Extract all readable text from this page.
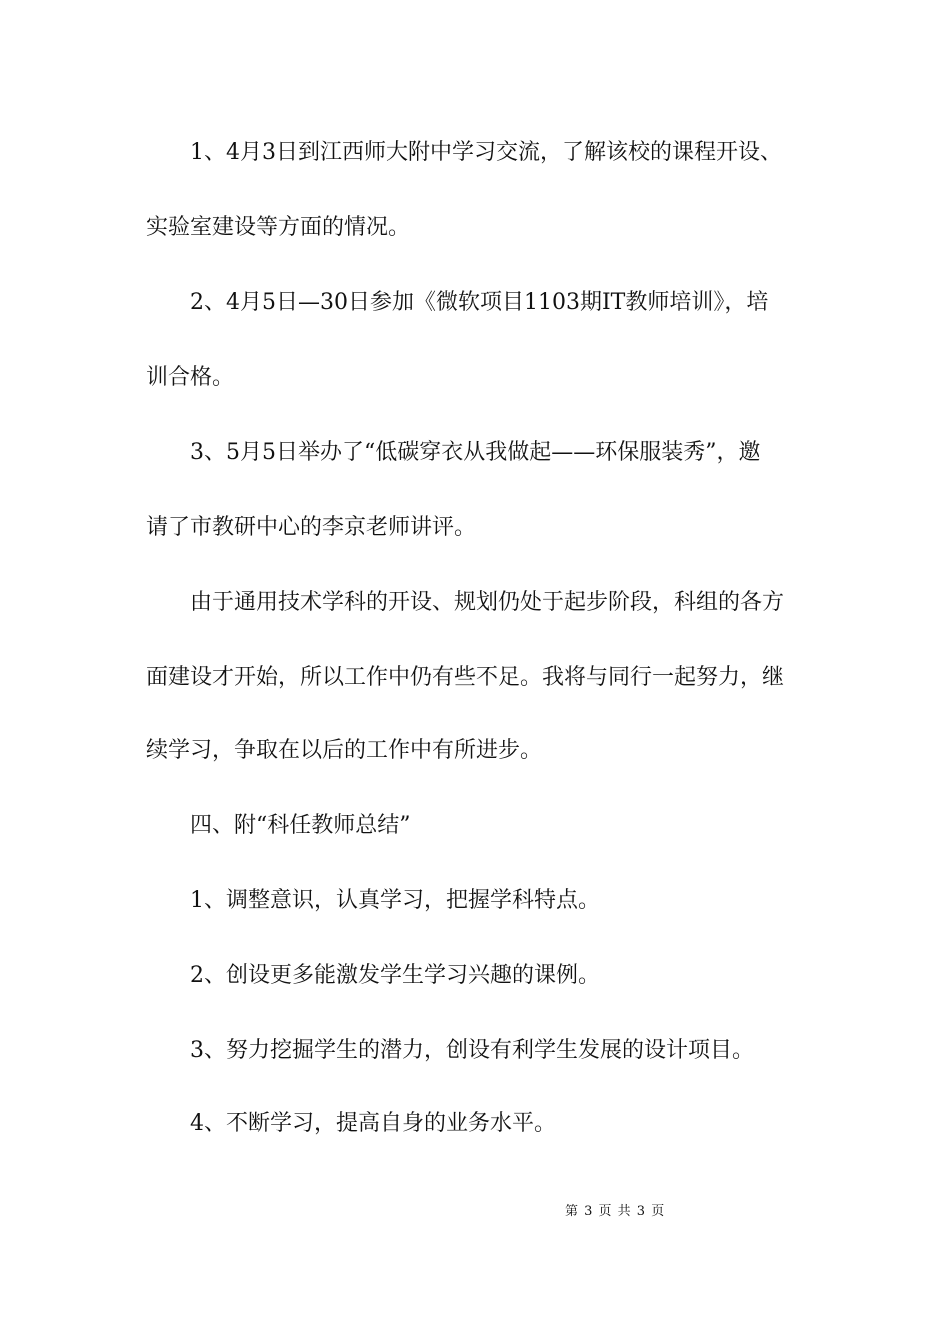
1、4月3日到江西师大附中学习交流，了解该校的课程开设、
实验室建设等方面的情况。
2、4月5日—30日参加《微软项目1103期IT教师培训》，培
训合格。
3、5月5日举办了“低碳穿衣从我做起——环保服装秀”，邀
请了市教研中心的李京老师讲评。
由于通用技术学科的开设、规划仍处于起步阶段，科组的各方
面建设才开始，所以工作中仍有些不足。我将与同行一起努力，继
续学习，争取在以后的工作中有所进步。
四、附“科任教师总结”
1、调整意识，认真学习，把握学科特点。
2、创设更多能激发学生学习兴趣的课例。
3、努力挖掘学生的潜力，创设有利学生发展的设计项目。
4、不断学习，提高自身的业务水平。
第 3 页 共 3 页
